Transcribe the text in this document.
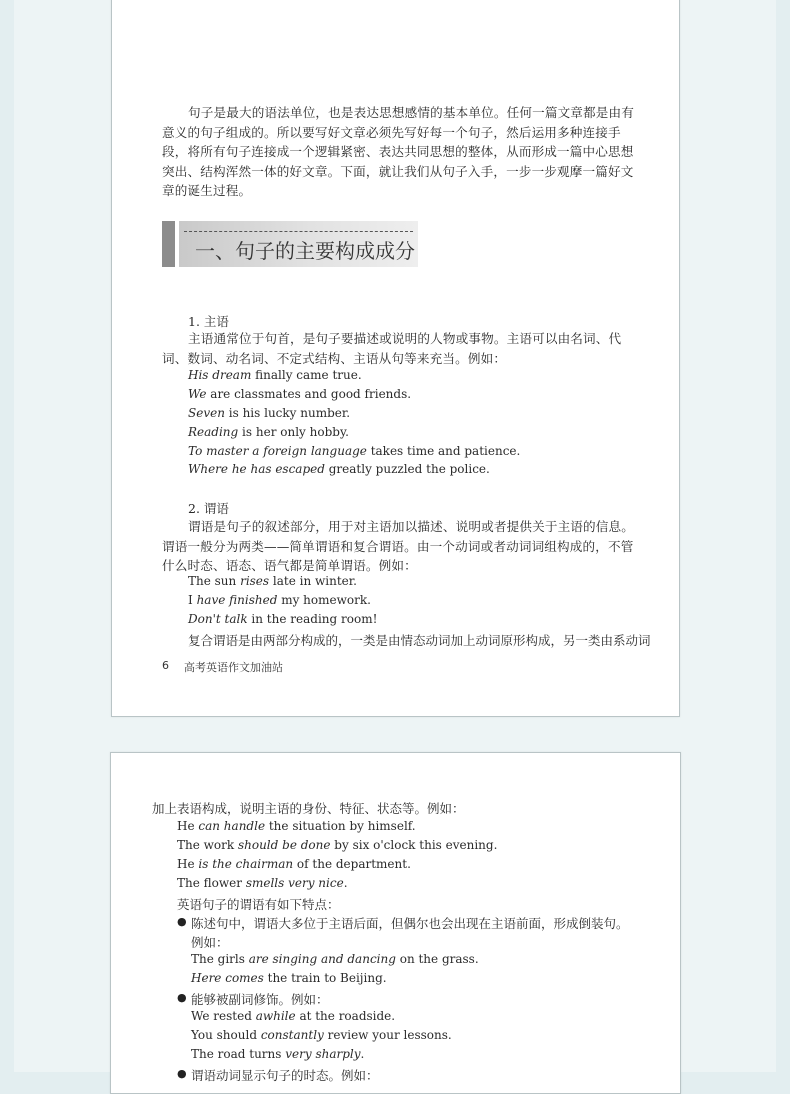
句子是最大的语法单位，也是表达思想感情的基本单位。任何一篇文章都是由有意义的句子组成的。所以要写好文章必须先写好每一个句子，然后运用多种连接手段，将所有句子连接成一个逻辑紧密、表达共同思想的整体，从而形成一篇中心思想突出、结构浑然一体的好文章。下面，就让我们从句子入手，一步一步观摩一篇好文章的诞生过程。

一、句子的主要构成成分
1. 主语

主语通常位于句首，是句子要描述或说明的人物或事物。主语可以由名词、代词、数词、动名词、不定式结构、主语从句等来充当。例如：

His dream finally came true.
We are classmates and good friends.
Seven is his lucky number.
Reading is her only hobby.
To master a foreign language takes time and patience.
Where he has escaped greatly puzzled the police.
2. 谓语

谓语是句子的叙述部分，用于对主语加以描述、说明或者提供关于主语的信息。谓语一般分为两类——简单谓语和复合谓语。由一个动词或者动词词组构成的，不管什么时态、语态、语气都是简单谓语。例如：

The sun rises late in winter.
I have finished my homework.
Don't talk in the reading room!
复合谓语是由两部分构成的，一类是由情态动词加上动词原形构成，另一类由系动词
6 高考英语作文加油站
加上表语构成，说明主语的身份、特征、状态等。例如：
He can handle the situation by himself.
The work should be done by six o'clock this evening.
He is the chairman of the department.
The flower smells very nice.
英语句子的谓语有如下特点：
● 陈述句中，谓语大多位于主语后面，但偶尔也会出现在主语前面，形成倒装句。
例如：
The girls are singing and dancing on the grass.
Here comes the train to Beijing.
● 能够被副词修饰。例如：
We rested awhile at the roadside.
You should constantly review your lessons.
The road turns very sharply.
● 谓语动词显示句子的时态。例如：
